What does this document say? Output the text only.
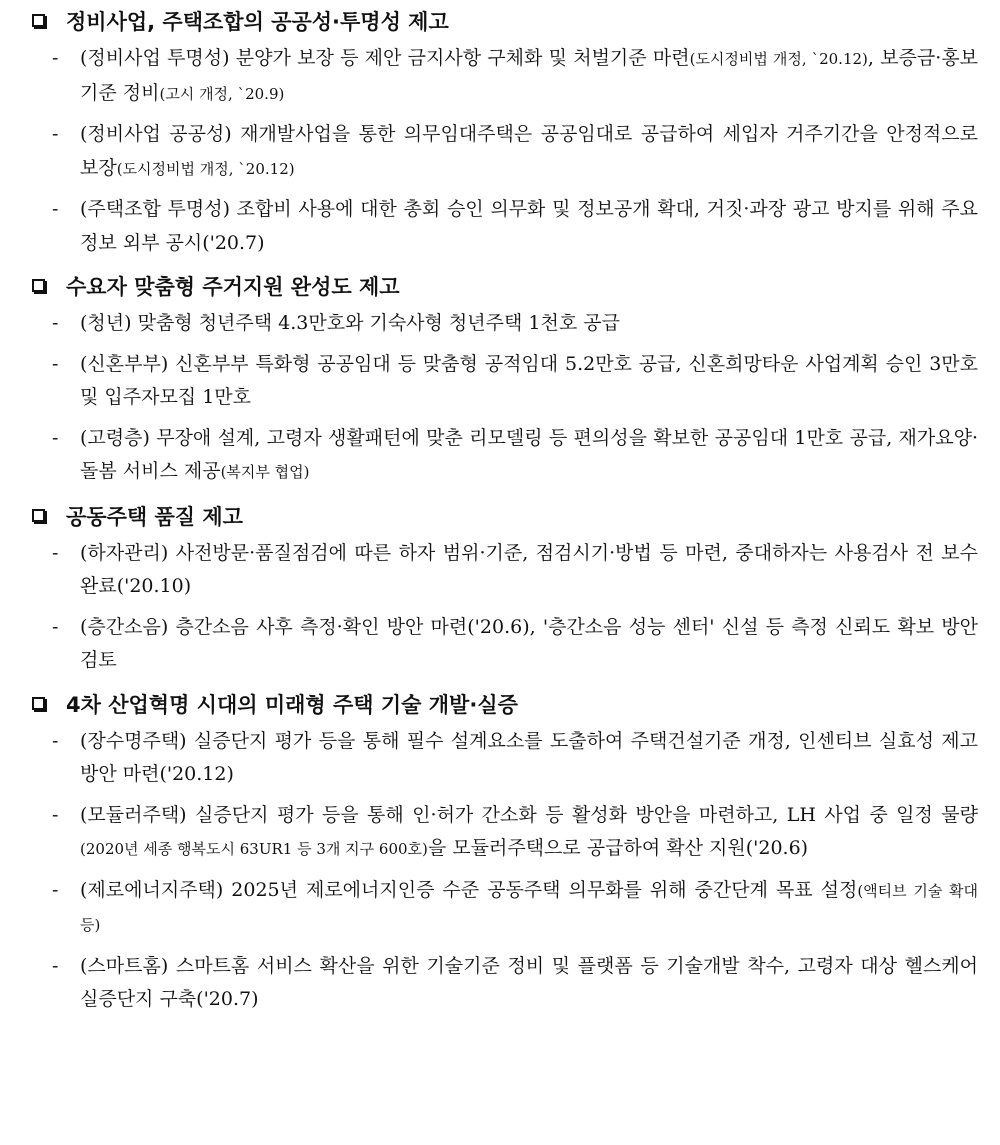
정비사업, 주택조합의 공공성·투명성 제고
- (정비사업 투명성) 분양가 보장 등 제안 금지사항 구체화 및 처벌기준 마련(도시정비법 개정, `20.12), 보증금·홍보 기준 정비(고시 개정, `20.9)
- (정비사업 공공성) 재개발사업을 통한 의무임대주택은 공공임대로 공급하여 세입자 거주기간을 안정적으로 보장(도시정비법 개정, `20.12)
- (주택조합 투명성) 조합비 사용에 대한 총회 승인 의무화 및 정보공개 확대, 거짓·과장 광고 방지를 위해 주요정보 외부 공시('20.7)
수요자 맞춤형 주거지원 완성도 제고
- (청년) 맞춤형 청년주택 4.3만호와 기숙사형 청년주택 1천호 공급
- (신혼부부) 신혼부부 특화형 공공임대 등 맞춤형 공적임대 5.2만호 공급, 신혼희망타운 사업계획 승인 3만호 및 입주자모집 1만호
- (고령층) 무장애 설계, 고령자 생활패턴에 맞춘 리모델링 등 편의성을 확보한 공공임대 1만호 공급, 재가요양·돌봄 서비스 제공(복지부 협업)
공동주택 품질 제고
- (하자관리) 사전방문·품질점검에 따른 하자 범위·기준, 점검시기·방법 등 마련, 중대하자는 사용검사 전 보수 완료('20.10)
- (층간소음) 층간소음 사후 측정·확인 방안 마련('20.6), '층간소음 성능 센터' 신설 등 측정 신뢰도 확보 방안 검토
4차 산업혁명 시대의 미래형 주택 기술 개발·실증
- (장수명주택) 실증단지 평가 등을 통해 필수 설계요소를 도출하여 주택건설기준 개정, 인센티브 실효성 제고 방안 마련('20.12)
- (모듈러주택) 실증단지 평가 등을 통해 인·허가 간소화 등 활성화 방안을 마련하고, LH 사업 중 일정 물량(2020년 세종 행복도시 63UR1 등 3개 지구 600호)을 모듈러주택으로 공급하여 확산 지원('20.6)
- (제로에너지주택) 2025년 제로에너지인증 수준 공동주택 의무화를 위해 중간단계 목표 설정(액티브 기술 확대 등)
- (스마트홈) 스마트홈 서비스 확산을 위한 기술기준 정비 및 플랫폼 등 기술개발 착수, 고령자 대상 헬스케어 실증단지 구축('20.7)
